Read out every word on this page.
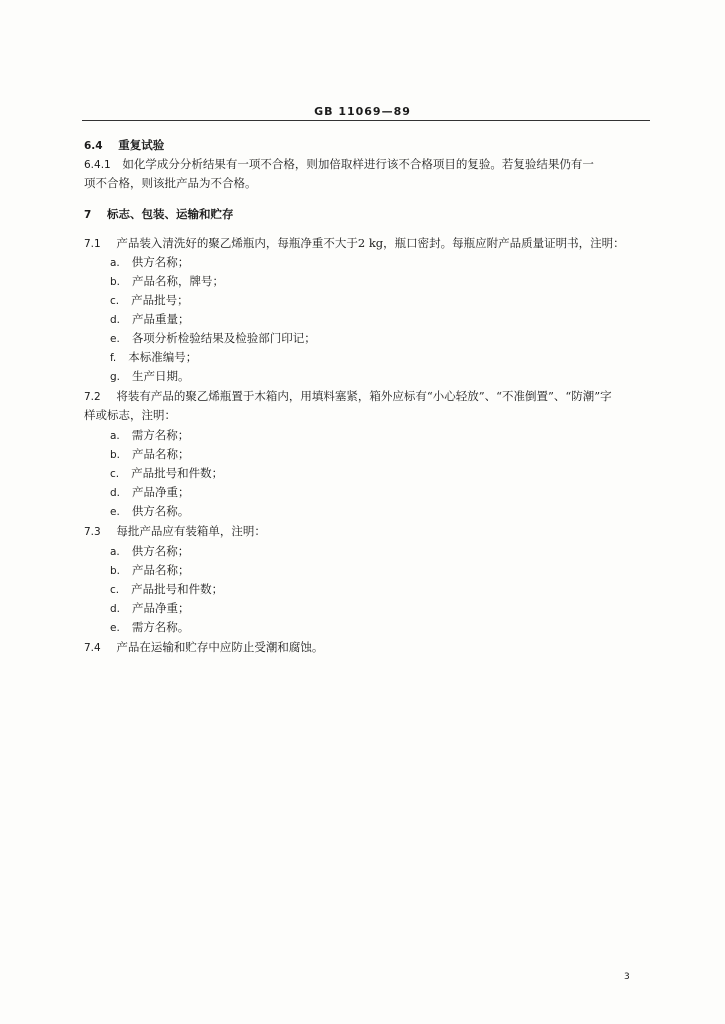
GB 11069—89
6.4 重复试验
6.4.1 如化学成分分析结果有一项不合格，则加倍取样进行该不合格项目的复验。若复验结果仍有一
项不合格，则该批产品为不合格。
7 标志、包装、运输和贮存
7.1 产品装入清洗好的聚乙烯瓶内，每瓶净重不大于2 kg，瓶口密封。每瓶应附产品质量证明书，注明：
a. 供方名称；
b. 产品名称，牌号；
c. 产品批号；
d. 产品重量；
e. 各项分析检验结果及检验部门印记；
f. 本标准编号；
g. 生产日期。
7.2 将装有产品的聚乙烯瓶置于木箱内，用填料塞紧，箱外应标有“小心轻放”、“不准倒置”、“防潮”字
样或标志，注明：
a. 需方名称；
b. 产品名称；
c. 产品批号和件数；
d. 产品净重；
e. 供方名称。
7.3 每批产品应有装箱单，注明：
a. 供方名称；
b. 产品名称；
c. 产品批号和件数；
d. 产品净重；
e. 需方名称。
7.4 产品在运输和贮存中应防止受潮和腐蚀。
3
